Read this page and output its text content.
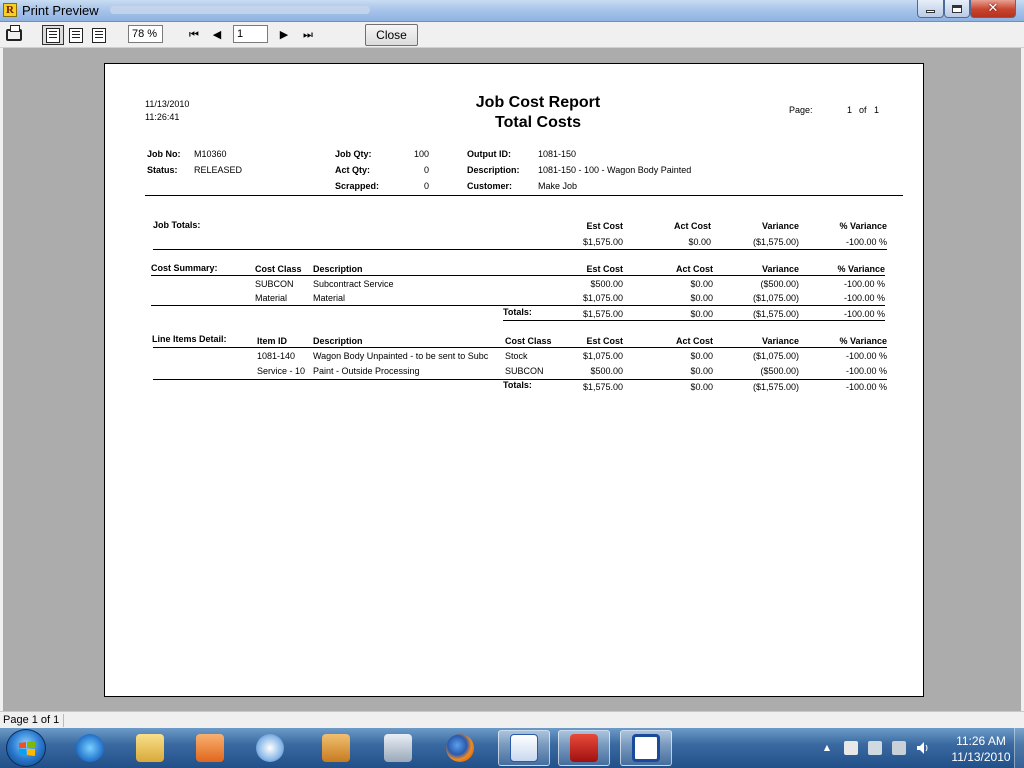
R Print Preview	✕
78 %	⏮	◀	1	▶	⏭	Close
11/13/2010
11:26:41
Job Cost Report
Total Costs
Page:	1 of 1
Job No: M10360
Status: RELEASED
Job Qty:	100
Act Qty:	0
Scrapped:	0
Output ID:	1081-150
Description: 1081-150 - 100 - Wagon Body Painted
Customer:	Make Job
Job Totals:	Est Cost	Act Cost	Variance	% Variance
$1,575.00	$0.00	($1,575.00)	-100.00 %
Cost Summary:	Cost Class Description	Est Cost	Act Cost	Variance	% Variance
SUBCON Subcontract Service	$500.00	$0.00	($500.00)	-100.00 %
Material	Material	$1,075.00	$0.00	($1,075.00)	-100.00 %
Totals:	$1,575.00	$0.00	($1,575.00)	-100.00 %
Line Items Detail:	Item ID	Description	Cost Class	Est Cost	Act Cost	Variance	% Variance
1081-140 Wagon Body Unpainted - to be sent to Subc	Stock	$1,075.00	$0.00	($1,075.00)	-100.00 %
Service - 10 Paint - Outside Processing	SUBCON	$500.00	$0.00	($500.00)	-100.00 %
Totals:	$1,575.00	$0.00	($1,575.00)	-100.00 %
Page 1 of 1
▲	11:26 AM
11/13/2010
